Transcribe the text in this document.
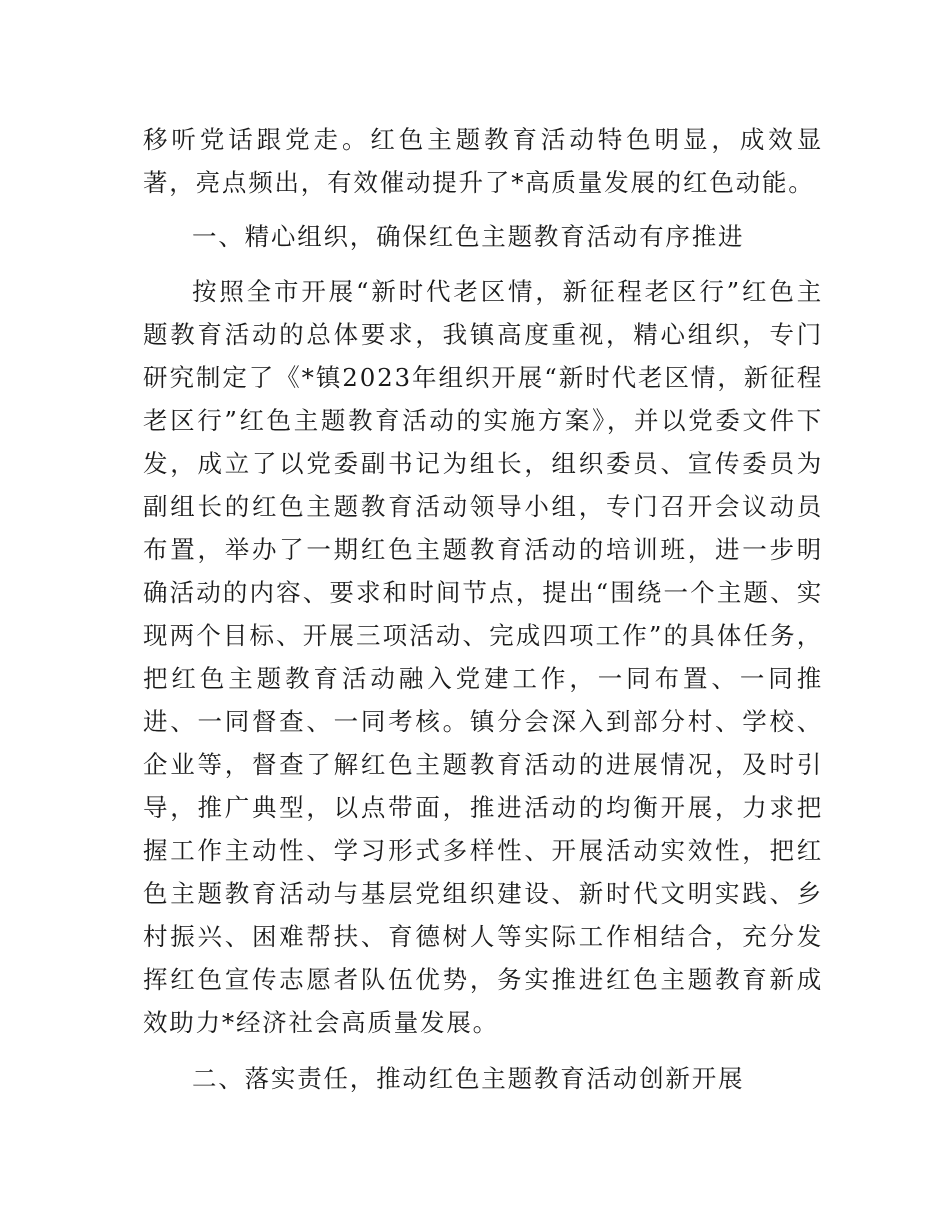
移听党话跟党走。红色主题教育活动特色明显，成效显著，亮点频出，有效催动提升了*高质量发展的红色动能。

一、精心组织，确保红色主题教育活动有序推进

按照全市开展“新时代老区情，新征程老区行”红色主题教育活动的总体要求，我镇高度重视，精心组织，专门研究制定了《*镇2023年组织开展“新时代老区情，新征程老区行”红色主题教育活动的实施方案》，并以党委文件下发，成立了以党委副书记为组长，组织委员、宣传委员为副组长的红色主题教育活动领导小组，专门召开会议动员布置，举办了一期红色主题教育活动的培训班，进一步明确活动的内容、要求和时间节点，提出“围绕一个主题、实现两个目标、开展三项活动、完成四项工作”的具体任务，把红色主题教育活动融入党建工作，一同布置、一同推进、一同督查、一同考核。镇分会深入到部分村、学校、企业等，督查了解红色主题教育活动的进展情况，及时引导，推广典型，以点带面，推进活动的均衡开展，力求把握工作主动性、学习形式多样性、开展活动实效性，把红色主题教育活动与基层党组织建设、新时代文明实践、乡村振兴、困难帮扶、育德树人等实际工作相结合，充分发挥红色宣传志愿者队伍优势，务实推进红色主题教育新成效助力*经济社会高质量发展。

二、落实责任，推动红色主题教育活动创新开展
